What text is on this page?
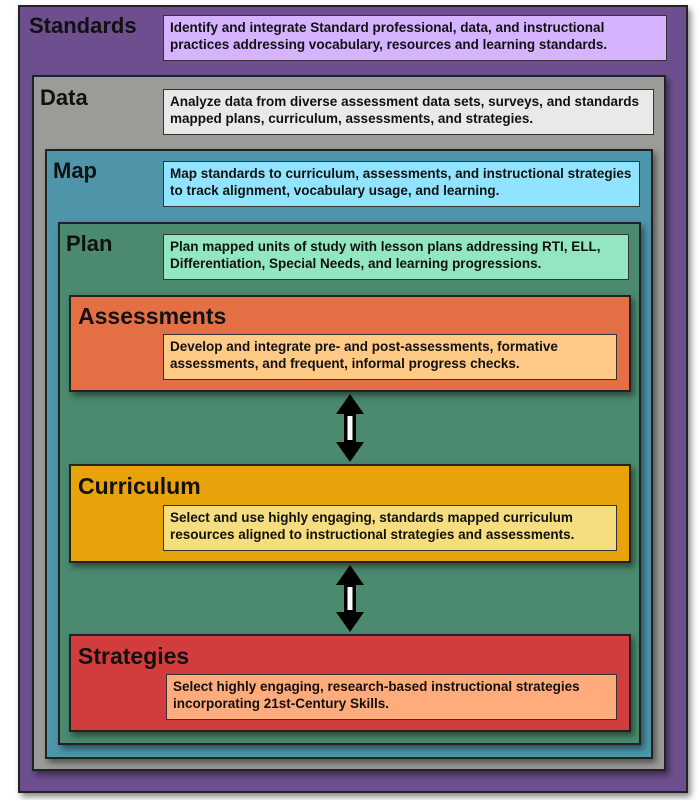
Standards	Identify and integrate Standard professional, data, and instructional practices addressing vocabulary, resources and learning standards.
Data	Analyze data from diverse assessment data sets, surveys, and standards mapped plans, curriculum, assessments, and strategies.
Map	Map standards to curriculum, assessments, and instructional strategies to track alignment, vocabulary usage, and learning.
Plan	Plan mapped units of study with lesson plans addressing RTI, ELL, Differentiation, Special Needs, and learning progressions.
Assessments
Develop and integrate pre- and post-assessments, formative assessments, and frequent, informal progress checks.
Curriculum
Select and use highly engaging, standards mapped curriculum resources aligned to instructional strategies and assessments.
Strategies
Select highly engaging, research-based instructional strategies incorporating 21st-Century Skills.
